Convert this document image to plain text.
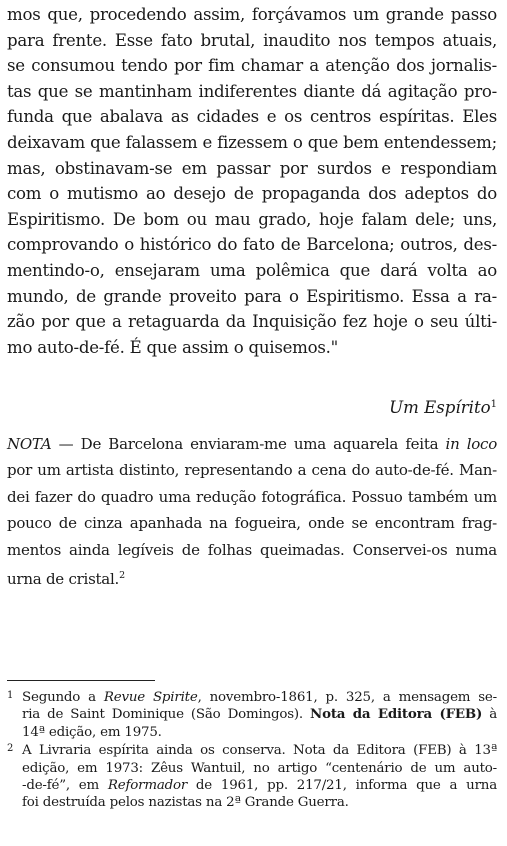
mos que, procedendo assim, forçávamos um grande passo
para frente. Esse fato brutal, inaudito nos tempos atuais,
se consumou tendo por fim chamar a atenção dos jornalis-
tas que se mantinham indiferentes diante dá agitação pro-
funda que abalava as cidades e os centros espíritas. Eles
deixavam que falassem e fizessem o que bem entendessem;
mas, obstinavam-se em passar por surdos e respondiam
com o mutismo ao desejo de propaganda dos adeptos do
Espiritismo. De bom ou mau grado, hoje falam dele; uns,
comprovando o histórico do fato de Barcelona; outros, des-
mentindo-o, ensejaram uma polêmica que dará volta ao
mundo, de grande proveito para o Espiritismo. Essa a ra-
zão por que a retaguarda da Inquisição fez hoje o seu últi-
mo auto-de-fé. É que assim o quisemos."
Um Espírito$^1$
NOTA — De Barcelona enviaram-me uma aquarela feita in loco
por um artista distinto, representando a cena do auto-de-fé. Man-
dei fazer do quadro uma redução fotográfica. Possuo também um
pouco de cinza apanhada na fogueira, onde se encontram frag-
mentos ainda legíveis de folhas queimadas. Conservei-os numa
urna de cristal.$^2$
1 Segundo a Revue Spirite, novembro-1861, p. 325, a mensagem se-
ria de Saint Dominique (São Domingos). Nota da Editora (FEB) à
14ª edição, em 1975.
2 A Livraria espírita ainda os conserva. Nota da Editora (FEB) à 13ª
edição, em 1973: Zêus Wantuil, no artigo “centenário de um auto-
-de-fé”, em Reformador de 1961, pp. 217/21, informa que a urna
foi destruída pelos nazistas na 2ª Grande Guerra.
